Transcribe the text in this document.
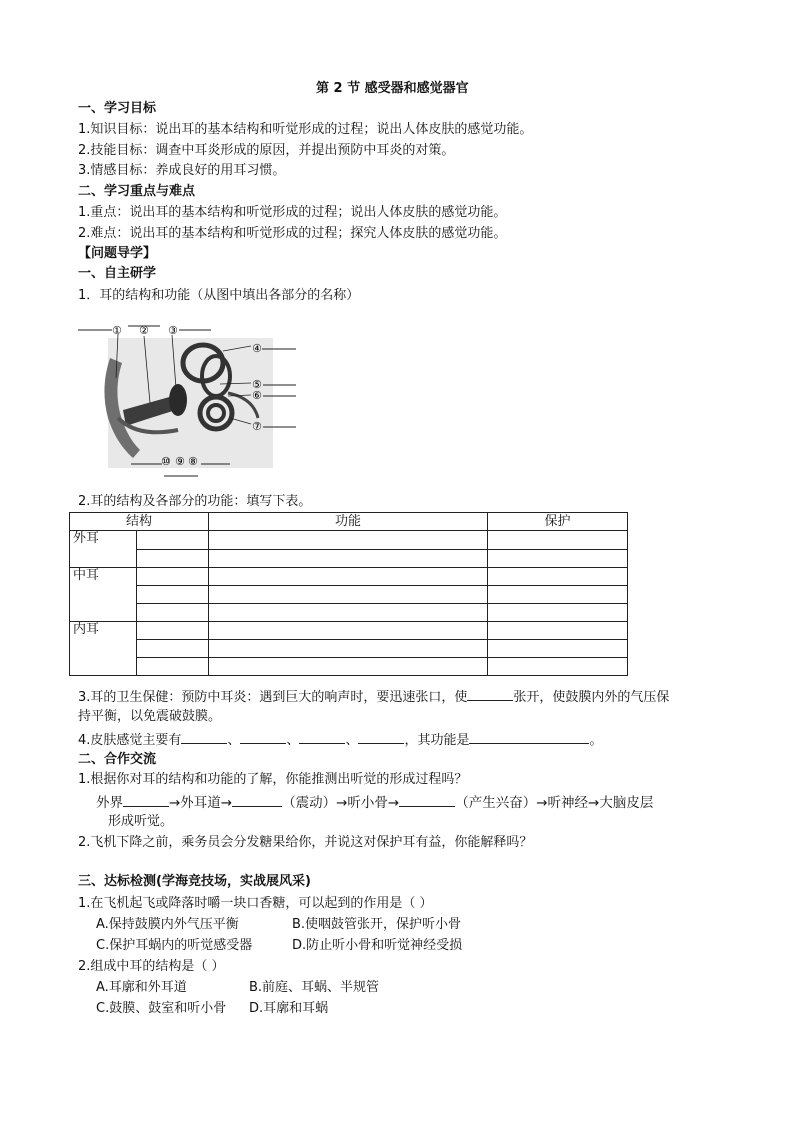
第 2 节 感受器和感觉器官
一、学习目标
1.知识目标：说出耳的基本结构和听觉形成的过程；说出人体皮肤的感觉功能。
2.技能目标：调查中耳炎形成的原因，并提出预防中耳炎的对策。
3.情感目标：养成良好的用耳习惯。
二、学习重点与难点
1.重点：说出耳的基本结构和听觉形成的过程；说出人体皮肤的感觉功能。
2.难点：说出耳的基本结构和听觉形成的过程；探究人体皮肤的感觉功能。
【问题导学】
一、自主研学
1．耳的结构和功能（从图中填出各部分的名称）
① ② ③
④
⑤
⑥
⑦
⑧
⑨
⑩
2.耳的结构及各部分的功能：填写下表。
结构		功能	保护
外耳			

中耳			

内耳			

3.耳的卫生保健：预防中耳炎：遇到巨大的响声时，要迅速张口，使	张开，使鼓膜内外的气压保
持平衡，以免震破鼓膜。
4.皮肤感觉主要有	、	、	、	，其功能是	。
二、合作交流
1.根据你对耳的结构和功能的了解，你能推测出听觉的形成过程吗？
外界	→外耳道→	（震动）→听小骨→	（产生兴奋）→听神经→大脑皮层
形成听觉。
2.飞机下降之前，乘务员会分发糖果给你，并说这对保护耳有益，你能解释吗？
三、达标检测(学海竞技场，实战展风采)
1.在飞机起飞或降落时嚼一块口香糖，可以起到的作用是（ ）
A.保持鼓膜内外气压平衡	B.使咽鼓管张开，保护听小骨
C.保护耳蜗内的听觉感受器	D.防止听小骨和听觉神经受损
2.组成中耳的结构是（ ）
A.耳廓和外耳道	B.前庭、耳蜗、半规管
C.鼓膜、鼓室和听小骨 D.耳廓和耳蜗
